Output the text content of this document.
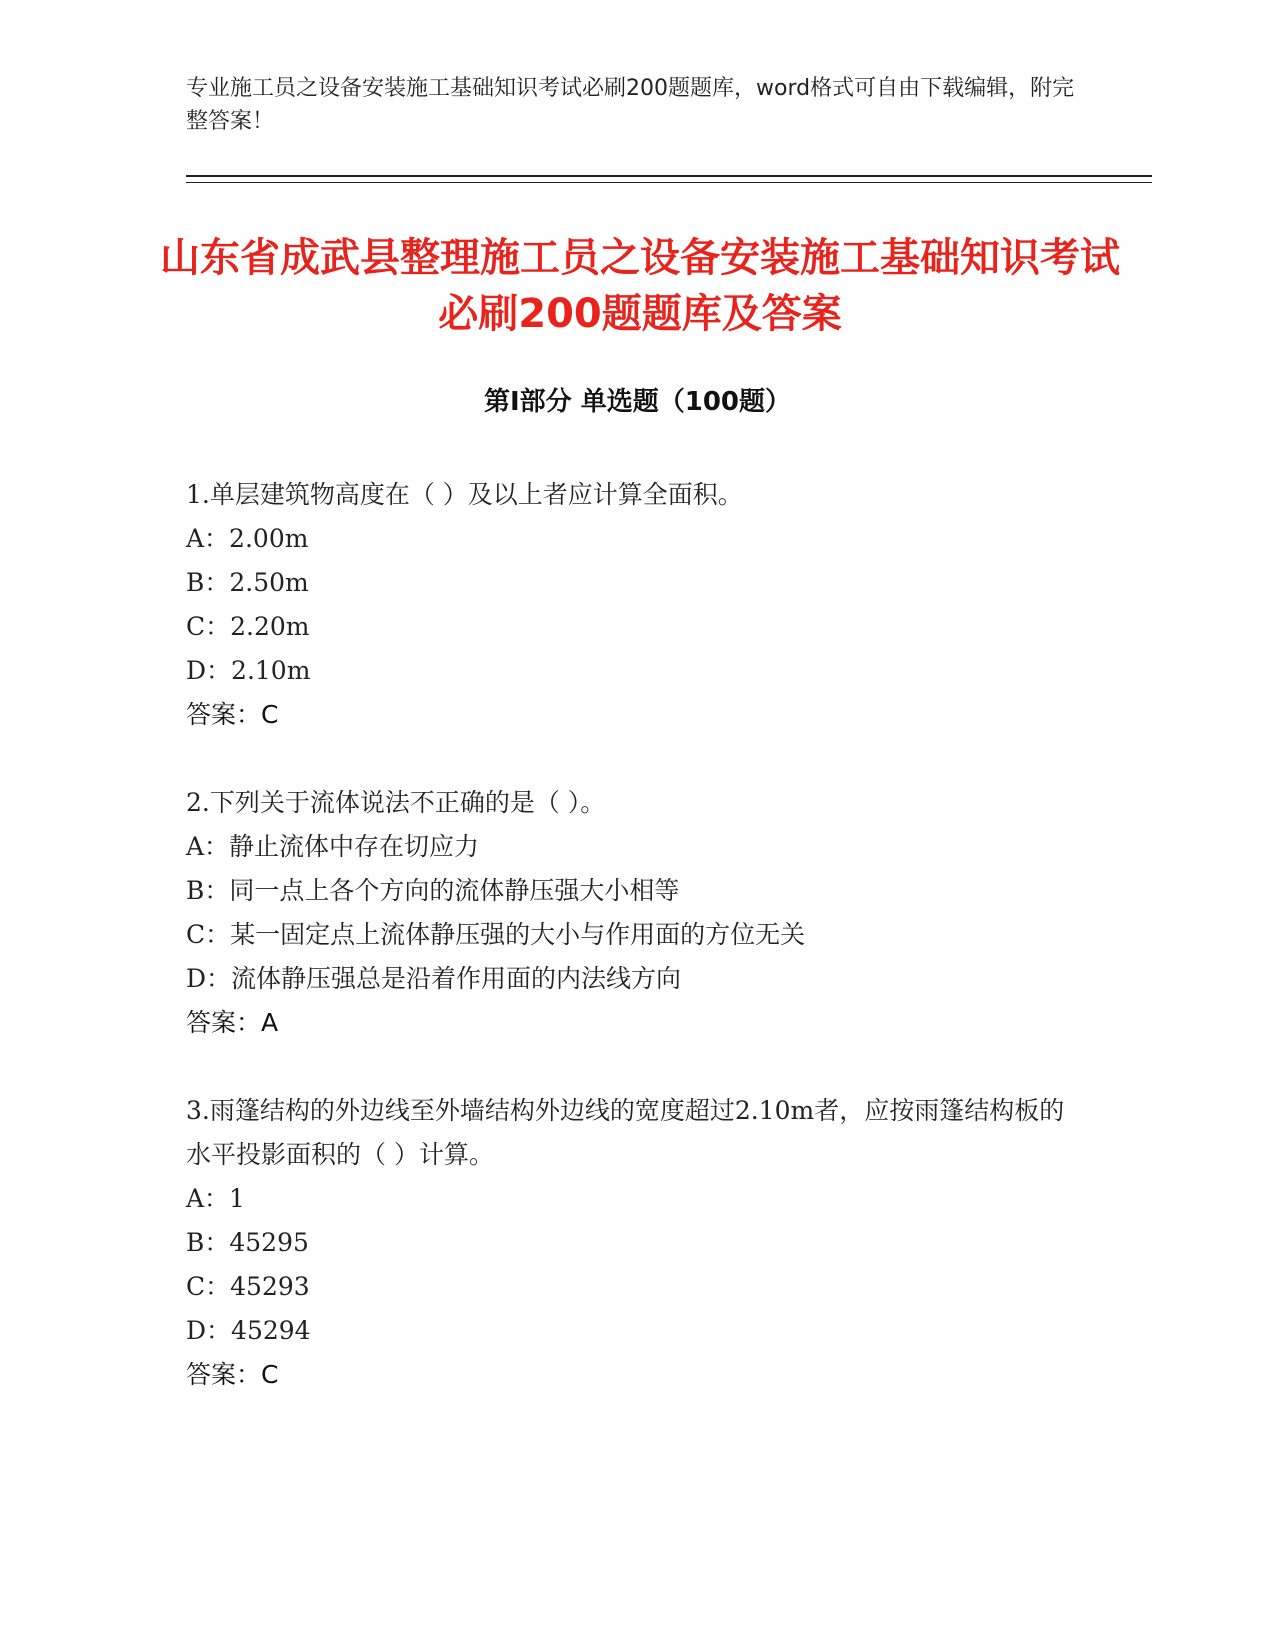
专业施工员之设备安装施工基础知识考试必刷200题题库，word格式可自由下载编辑，附完整答案！
山东省成武县整理施工员之设备安装施工基础知识考试必刷200题题库及答案
第Ⅰ部分 单选题（100题）
1.单层建筑物高度在（ ）及以上者应计算全面积。
A：2.00m
B：2.50m
C：2.20m
D：2.10m
答案：C
2.下列关于流体说法不正确的是（ ）。
A：静止流体中存在切应力
B：同一点上各个方向的流体静压强大小相等
C：某一固定点上流体静压强的大小与作用面的方位无关
D：流体静压强总是沿着作用面的内法线方向
答案：A
3.雨篷结构的外边线至外墙结构外边线的宽度超过2.10m者，应按雨篷结构板的水平投影面积的（ ）计算。
A：1
B：45295
C：45293
D：45294
答案：C
